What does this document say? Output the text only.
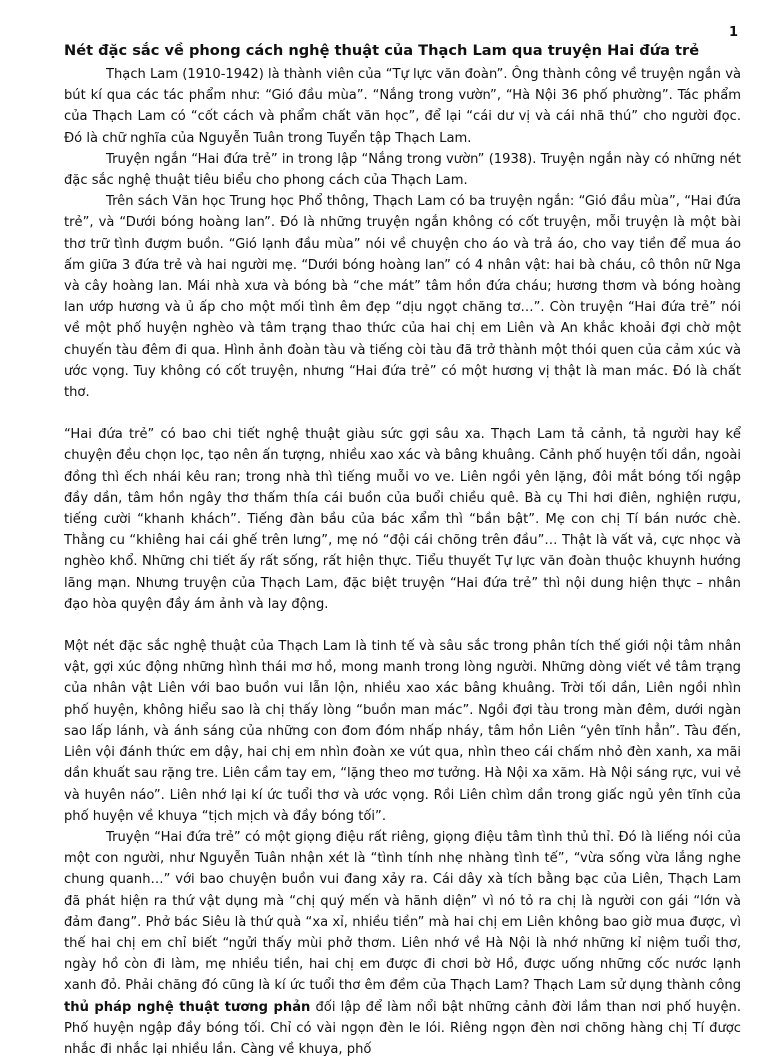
1
Nét đặc sắc về phong cách nghệ thuật của Thạch Lam qua truyện Hai đứa trẻ

Thạch Lam (1910-1942) là thành viên của “Tự lực văn đoàn”. Ông thành công về truyện ngắn và bút kí qua các tác phẩm như: “Gió đầu mùa”. “Nắng trong vườn”, “Hà Nội 36 phố phường”. Tác phẩm của Thạch Lam có “cốt cách và phẩm chất văn học”, để lại “cái dư vị và cái nhã thú” cho người đọc. Đó là chữ nghĩa của Nguyễn Tuân trong Tuyển tập Thạch Lam.

Truyện ngắn “Hai đứa trẻ” in trong lập “Nắng trong vườn” (1938). Truyện ngắn này có những nét đặc sắc nghệ thuật tiêu biểu cho phong cách của Thạch Lam.

Trên sách Văn học Trung học Phổ thông, Thạch Lam có ba truyện ngắn: “Gió đầu mùa”, “Hai đứa trẻ”, và “Dưới bóng hoàng lan”. Đó là những truyện ngắn không có cốt truyện, mỗi truyện là một bài thơ trữ tình đượm buồn. “Gió lạnh đầu mùa” nói về chuyện cho áo và trả áo, cho vay tiền để mua áo ấm giữa 3 đứa trẻ và hai người mẹ. “Dưới bóng hoàng lan” có 4 nhân vật: hai bà cháu, cô thôn nữ Nga và cây hoàng lan. Mái nhà xưa và bóng bà “che mát” tâm hồn đứa cháu; hương thơm và bóng hoàng lan ướp hương và ủ ấp cho một mối tình êm đẹp “dịu ngọt chăng tơ…”. Còn truyện “Hai đứa trẻ” nói về một phố huyện nghèo và tâm trạng thao thức của hai chị em Liên và An khắc khoải đợi chờ một chuyến tàu đêm đi qua. Hình ảnh đoàn tàu và tiếng còi tàu đã trở thành một thói quen của cảm xúc và ước vọng. Tuy không có cốt truyện, nhưng “Hai đứa trẻ” có một hương vị thật là man mác. Đó là chất thơ.

“Hai đứa trẻ” có bao chi tiết nghệ thuật giàu sức gợi sâu xa. Thạch Lam tả cảnh, tả người hay kể chuyện đều chọn lọc, tạo nên ấn tượng, nhiều xao xác và bâng khuâng. Cảnh phố huyện tối dần, ngoài đồng thì ếch nhái kêu ran; trong nhà thì tiếng muỗi vo ve. Liên ngồi yên lặng, đôi mắt bóng tối ngập đầy dần, tâm hồn ngây thơ thấm thía cái buồn của buổi chiều quê. Bà cụ Thi hơi điên, nghiện rượu, tiếng cười “khanh khách”. Tiếng đàn bầu của bác xẩm thì “bần bật”. Mẹ con chị Tí bán nước chè. Thằng cu “khiêng hai cái ghế trên lưng”, mẹ nó “đội cái chõng trên đầu”… Thật là vất vả, cực nhọc và nghèo khổ. Những chi tiết ấy rất sống, rất hiện thực. Tiểu thuyết Tự lực văn đoàn thuộc khuynh hướng lãng mạn. Nhưng truyện của Thạch Lam, đặc biệt truyện “Hai đứa trẻ” thì nội dung hiện thực – nhân đạo hòa quyện đầy ám ảnh và lay động.

Một nét đặc sắc nghệ thuật của Thạch Lam là tinh tế và sâu sắc trong phân tích thế giới nội tâm nhân vật, gợi xúc động những hình thái mơ hồ, mong manh trong lòng người. Những dòng viết về tâm trạng của nhân vật Liên với bao buồn vui lẫn lộn, nhiều xao xác bâng khuâng. Trời tối dần, Liên ngồi nhìn phố huyện, không hiểu sao là chị thấy lòng “buồn man mác”. Ngồi đợi tàu trong màn đêm, dưới ngàn sao lấp lánh, và ánh sáng của những con đom đóm nhấp nháy, tâm hồn Liên “yên tĩnh hẳn”. Tàu đến, Liên vội đánh thức em dậy, hai chị em nhìn đoàn xe vút qua, nhìn theo cái chấm nhỏ đèn xanh, xa mãi dần khuất sau rặng tre. Liên cầm tay em, “lặng theo mơ tưởng. Hà Nội xa xăm. Hà Nội sáng rực, vui vẻ và huyên náo”. Liên nhớ lại kí ức tuổi thơ và ước vọng. Rồi Liên chìm dần trong giấc ngủ yên tĩnh của phố huyện về khuya “tịch mịch và đầy bóng tối”.

Truyện “Hai đứa trẻ” có một giọng điệu rất riêng, giọng điệu tâm tình thủ thỉ. Đó là liếng nói của một con người, như Nguyễn Tuân nhận xét là “tình tính nhẹ nhàng tình tế”, “vừa sống vừa lắng nghe chung quanh…” với bao chuyện buồn vui đang xảy ra. Cái dây xà tích bằng bạc của Liên, Thạch Lam đã phát hiện ra thứ vật dụng mà “chị quý mến và hãnh diện” vì nó tỏ ra chị là người con gái “lớn và đảm đang”. Phở bác Siêu là thứ quà “xa xỉ, nhiều tiền” mà hai chị em Liên không bao giờ mua được, vì thế hai chị em chỉ biết “ngửi thấy mùi phở thơm. Liên nhớ về Hà Nội là nhớ những kỉ niệm tuổi thơ, ngày hồ còn đi làm, mẹ nhiều tiền, hai chị em được đi chơi bờ Hồ, được uống những cốc nước lạnh xanh đỏ. Phải chăng đó cũng là kí ức tuổi thơ êm đềm của Thạch Lam? Thạch Lam sử dụng thành công thủ pháp nghệ thuật tương phản đối lập để làm nổi bật những cảnh đời lầm than nơi phố huyện. Phố huyện ngập đầy bóng tối. Chỉ có vài ngọn đèn le lói. Riêng ngọn đèn nơi chõng hàng chị Tí được nhắc đi nhắc lại nhiều lần. Càng về khuya, phố
